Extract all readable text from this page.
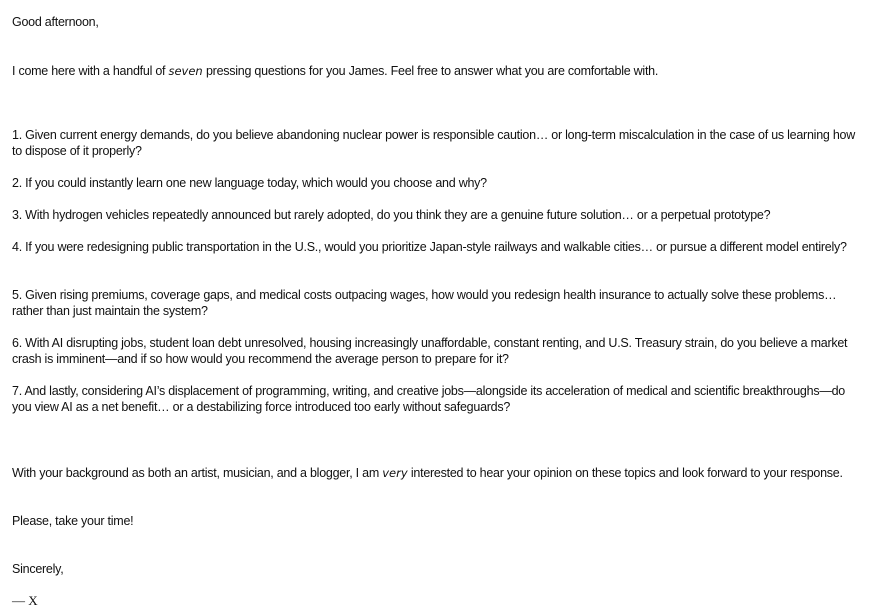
Good afternoon,

I come here with a handful of seven pressing questions for you James. Feel free to answer what you are comfortable with.

1. Given current energy demands, do you believe abandoning nuclear power is responsible caution… or long-term miscalculation in the case of us learning how to dispose of it properly?

2. If you could instantly learn one new language today, which would you choose and why?

3. With hydrogen vehicles repeatedly announced but rarely adopted, do you think they are a genuine future solution… or a perpetual prototype?

4. If you were redesigning public transportation in the U.S., would you prioritize Japan-style railways and walkable cities… or pursue a different model entirely?

5. Given rising premiums, coverage gaps, and medical costs outpacing wages, how would you redesign health insurance to actually solve these problems… rather than just maintain the system?

6. With AI disrupting jobs, student loan debt unresolved, housing increasingly unaffordable, constant renting, and U.S. Treasury strain, do you believe a market crash is imminent—and if so how would you recommend the average person to prepare for it?

7. And lastly, considering AI’s displacement of programming, writing, and creative jobs—alongside its acceleration of medical and scientific breakthroughs—do you view AI as a net benefit… or a destabilizing force introduced too early without safeguards?

With your background as both an artist, musician, and a blogger, I am very interested to hear your opinion on these topics and look forward to your response.

Please, take your time!

Sincerely,

— X
